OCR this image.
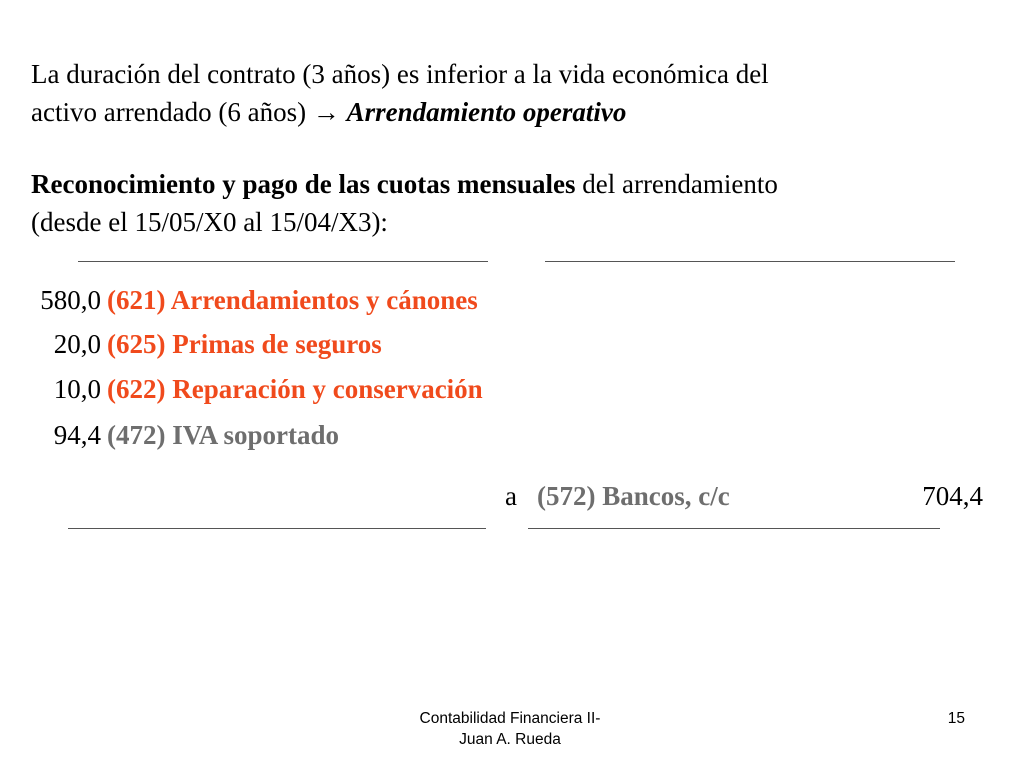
La duración del contrato (3 años) es inferior a la vida económica del
activo arrendado (6 años) → Arrendamiento operativo

Reconocimiento y pago de las cuotas mensuales del arrendamiento
(desde el 15/05/X0 al 15/04/X3):

580,0 (621) Arrendamientos y cánones
20,0 (625) Primas de seguros
10,0 (622) Reparación y conservación
94,4 (472) IVA soportado
a (572) Bancos, c/c	704,4
Contabilidad Financiera II-
Juan A. Rueda
15
